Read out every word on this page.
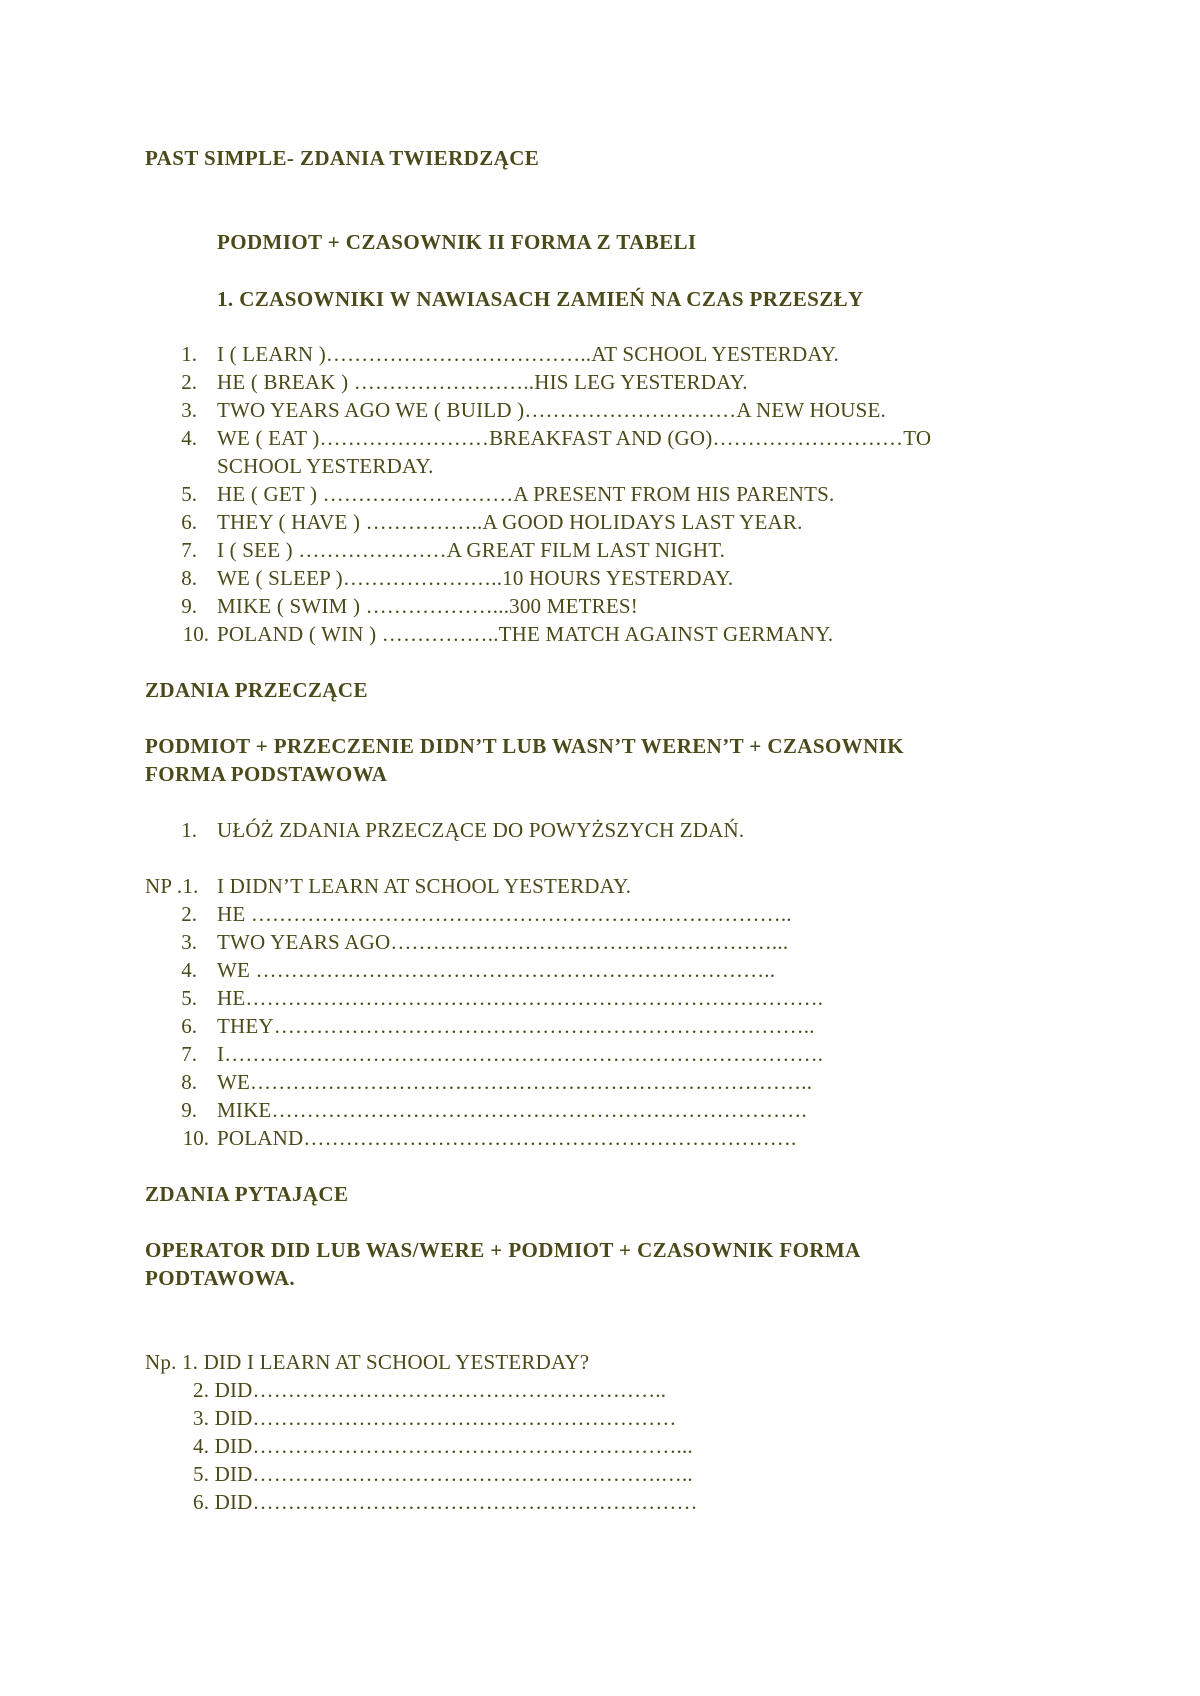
PAST SIMPLE- ZDANIA TWIERDZĄCE
PODMIOT + CZASOWNIK II FORMA Z TABELI
1. CZASOWNIKI W NAWIASACH ZAMIEŃ NA CZAS PRZESZŁY
1. I ( LEARN )………………………………..AT SCHOOL YESTERDAY.
2. HE ( BREAK ) ……………………..HIS LEG YESTERDAY.
3. TWO YEARS AGO WE ( BUILD )…………………………A NEW HOUSE.
4. WE ( EAT )……………………BREAKFAST AND (GO)………………………TO
SCHOOL YESTERDAY.
5. HE ( GET ) ………………………A PRESENT FROM HIS PARENTS.
6. THEY ( HAVE ) ……………..A GOOD HOLIDAYS LAST YEAR.
7. I ( SEE ) …………………A GREAT FILM LAST NIGHT.
8. WE ( SLEEP )…………………..10 HOURS YESTERDAY.
9. MIKE ( SWIM ) ………………...300 METRES!
10. POLAND ( WIN ) ……………..THE MATCH AGAINST GERMANY.
ZDANIA PRZECZĄCE
PODMIOT + PRZECZENIE DIDN’T LUB WASN’T WEREN’T + CZASOWNIK
FORMA PODSTAWOWA
1. UŁÓŻ ZDANIA PRZECZĄCE DO POWYŻSZYCH ZDAŃ.
NP .1. I DIDN’T LEARN AT SCHOOL YESTERDAY.
2. HE …………………………………………………………………..
3. TWO YEARS AGO………………………………………………...
4. WE ………………………………………………………………..
5. HE……………………………………………………………………….
6. THEY…………………………………………………………………..
7. I………………………………………………………………………….
8. WE……………………………………………………………………..
9. MIKE………………………………………………………………….
10. POLAND…………………………………………………………….
ZDANIA PYTAJĄCE
OPERATOR DID LUB WAS/WERE + PODMIOT + CZASOWNIK FORMA
PODTAWOWA.
Np. 1. DID I LEARN AT SCHOOL YESTERDAY?
2. DID…………………………………………………..
3. DID……………………………………………………
4. DID……………………………………………………...
5. DID………………………………………………….…..
6. DID………………………………………………………
